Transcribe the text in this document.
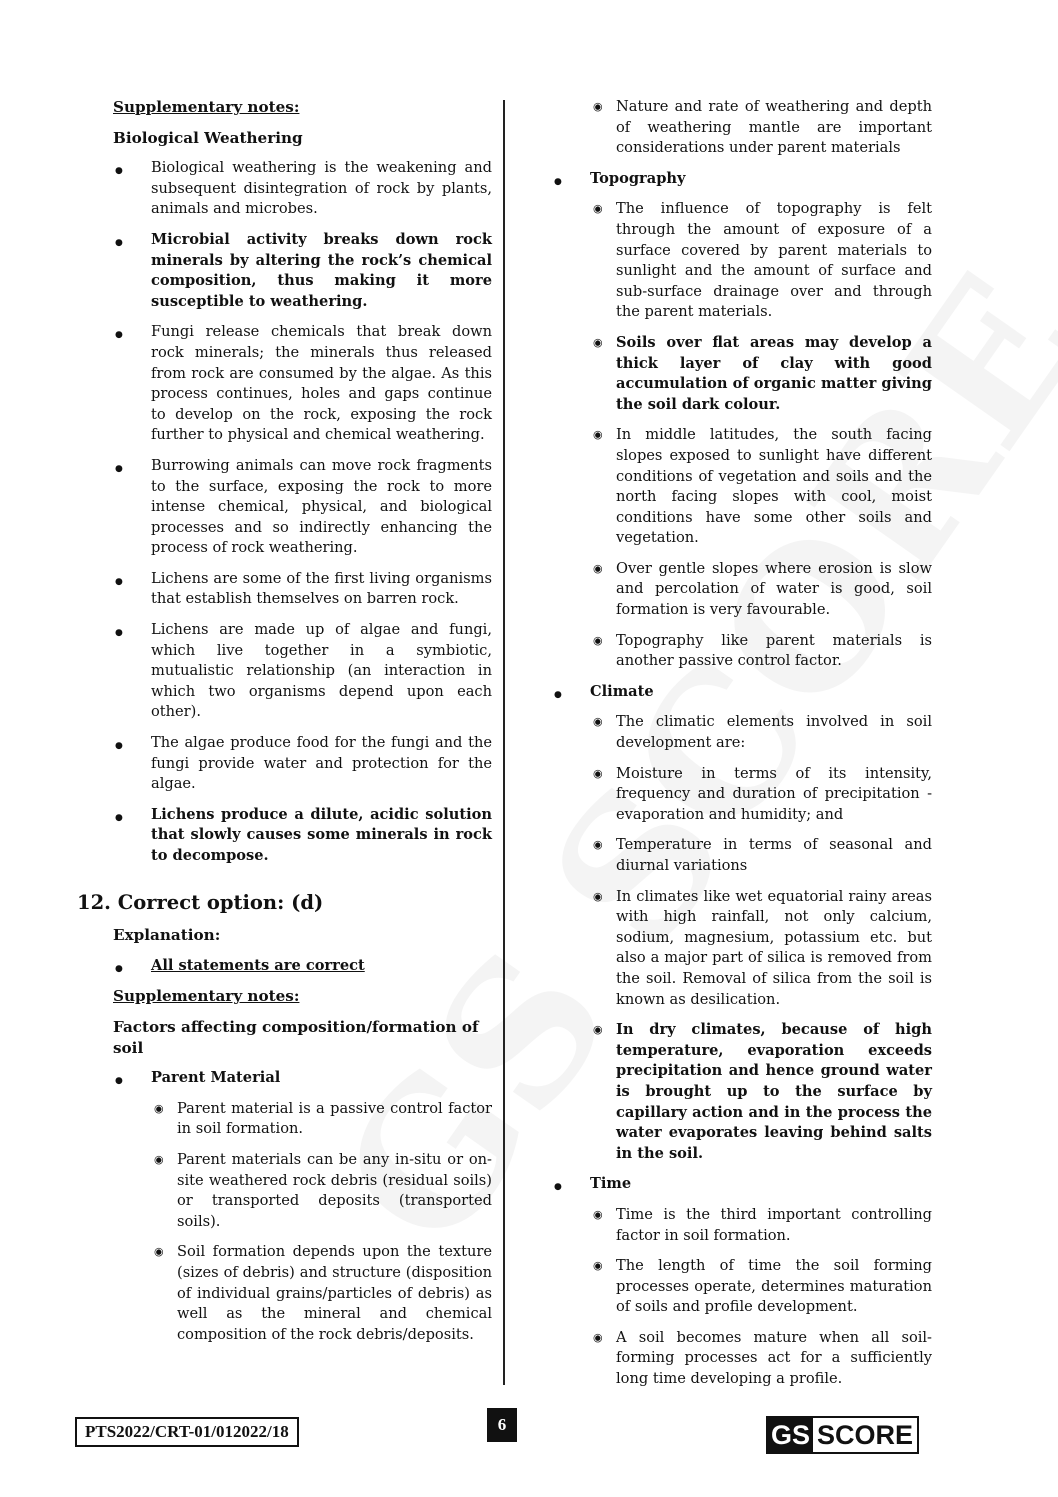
Supplementary notes:
Biological Weathering
● Biological weathering is the weakening and subsequent disintegration of rock by plants, animals and microbes.
● Microbial activity breaks down rock minerals by altering the rock’s chemical composition, thus making it more susceptible to weathering.
● Fungi release chemicals that break down rock minerals; the minerals thus released from rock are consumed by the algae. As this process continues, holes and gaps continue to develop on the rock, exposing the rock further to physical and chemical weathering.
● Burrowing animals can move rock fragments to the surface, exposing the rock to more intense chemical, physical, and biological processes and so indirectly enhancing the process of rock weathering.
● Lichens are some of the first living organisms that establish themselves on barren rock.
● Lichens are made up of algae and fungi, which live together in a symbiotic, mutualistic relationship (an interaction in which two organisms depend upon each other).
● The algae produce food for the fungi and the fungi provide water and protection for the algae.
● Lichens produce a dilute, acidic solution that slowly causes some minerals in rock to decompose.
12. Correct option: (d)
Explanation:
● All statements are correct
Supplementary notes:
Factors affecting composition/formation of soil
● Parent Material
◉ Parent material is a passive control factor in soil formation.
◉ Parent materials can be any in-situ or on-site weathered rock debris (residual soils) or transported deposits (transported soils).
◉ Soil formation depends upon the texture (sizes of debris) and structure (disposition of individual grains/particles of debris) as well as the mineral and chemical composition of the rock debris/deposits.
◉ Nature and rate of weathering and depth of weathering mantle are important considerations under parent materials
● Topography
◉ The influence of topography is felt through the amount of exposure of a surface covered by parent materials to sunlight and the amount of surface and sub-surface drainage over and through the parent materials.
◉ Soils over flat areas may develop a thick layer of clay with good accumulation of organic matter giving the soil dark colour.
◉ In middle latitudes, the south facing slopes exposed to sunlight have different conditions of vegetation and soils and the north facing slopes with cool, moist conditions have some other soils and vegetation.
◉ Over gentle slopes where erosion is slow and percolation of water is good, soil formation is very favourable.
◉ Topography like parent materials is another passive control factor.
● Climate
◉ The climatic elements involved in soil development are:
◉ Moisture in terms of its intensity, frequency and duration of precipitation -evaporation and humidity; and
◉ Temperature in terms of seasonal and diurnal variations
◉ In climates like wet equatorial rainy areas with high rainfall, not only calcium, sodium, magnesium, potassium etc. but also a major part of silica is removed from the soil. Removal of silica from the soil is known as desilication.
◉ In dry climates, because of high temperature, evaporation exceeds precipitation and hence ground water is brought up to the surface by capillary action and in the process the water evaporates leaving behind salts in the soil.
● Time
◉ Time is the third important controlling factor in soil formation.
◉ The length of time the soil forming processes operate, determines maturation of soils and profile development.
◉ A soil becomes mature when all soil-forming processes act for a sufficiently long time developing a profile.
PTS2022/CRT-01/012022/18	6	GS SCORE
